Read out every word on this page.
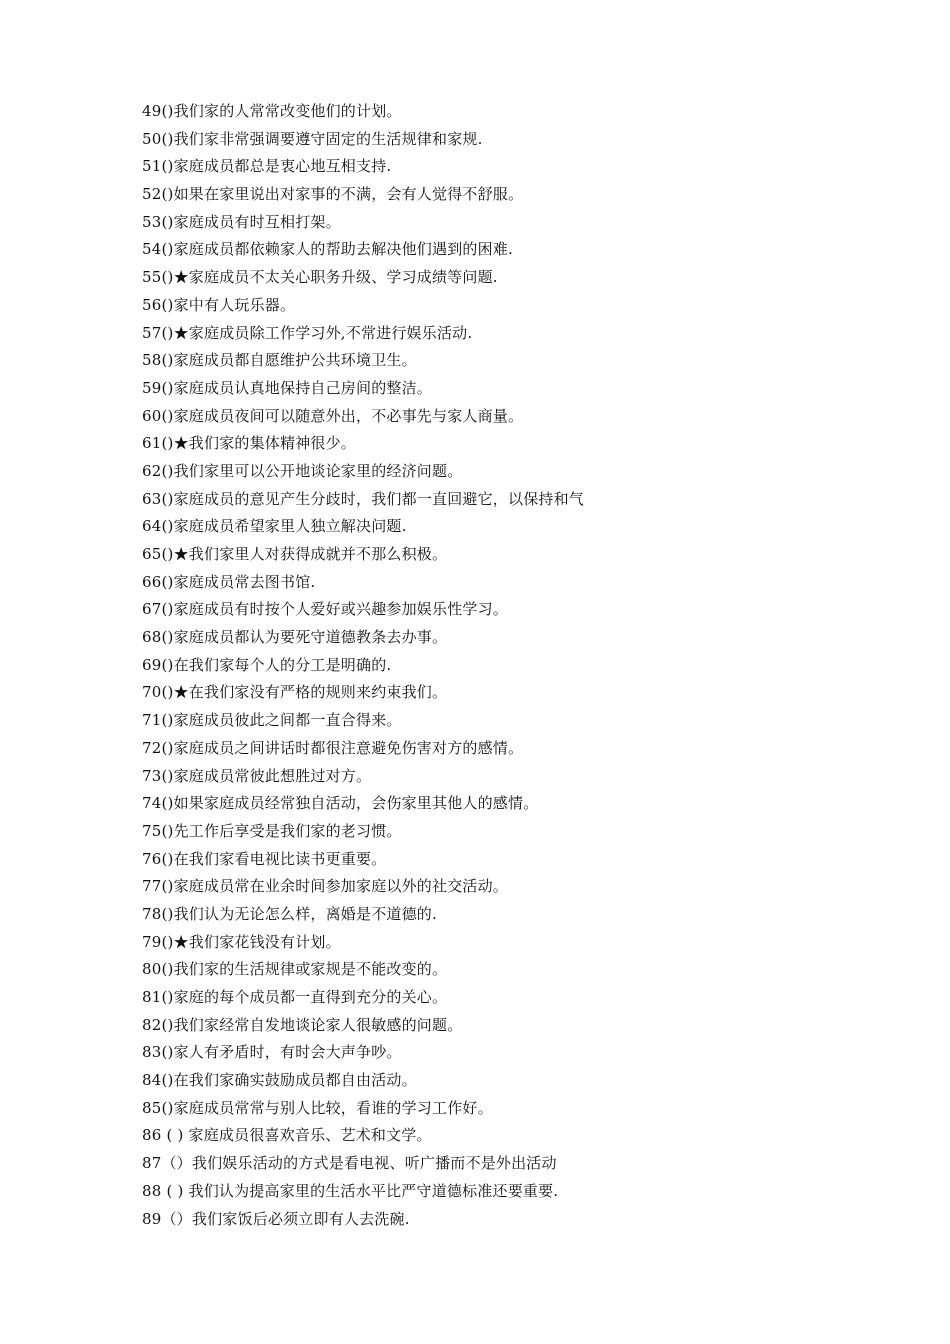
49()我们家的人常常改变他们的计划。
50()我们家非常强调要遵守固定的生活规律和家规.
51()家庭成员都总是衷心地互相支持.
52()如果在家里说出对家事的不满，会有人觉得不舒服。
53()家庭成员有时互相打架。
54()家庭成员都依赖家人的帮助去解决他们遇到的困难.
55()★家庭成员不太关心职务升级、学习成绩等问题.
56()家中有人玩乐器。
57()★家庭成员除工作学习外,不常进行娱乐活动.
58()家庭成员都自愿维护公共环境卫生。
59()家庭成员认真地保持自己房间的整洁。
60()家庭成员夜间可以随意外出，不必事先与家人商量。
61()★我们家的集体精神很少。
62()我们家里可以公开地谈论家里的经济问题。
63()家庭成员的意见产生分歧时，我们都一直回避它，以保持和气
64()家庭成员希望家里人独立解决问题.
65()★我们家里人对获得成就并不那么积极。
66()家庭成员常去图书馆.
67()家庭成员有时按个人爱好或兴趣参加娱乐性学习。
68()家庭成员都认为要死守道德教条去办事。
69()在我们家每个人的分工是明确的.
70()★在我们家没有严格的规则来约束我们。
71()家庭成员彼此之间都一直合得来。
72()家庭成员之间讲话时都很注意避免伤害对方的感情。
73()家庭成员常彼此想胜过对方。
74()如果家庭成员经常独自活动，会伤家里其他人的感情。
75()先工作后享受是我们家的老习惯。
76()在我们家看电视比读书更重要。
77()家庭成员常在业余时间参加家庭以外的社交活动。
78()我们认为无论怎么样，离婚是不道德的.
79()★我们家花钱没有计划。
80()我们家的生活规律或家规是不能改变的。
81()家庭的每个成员都一直得到充分的关心。
82()我们家经常自发地谈论家人很敏感的问题。
83()家人有矛盾时，有时会大声争吵。
84()在我们家确实鼓励成员都自由活动。
85()家庭成员常常与别人比较，看谁的学习工作好。
86 ( ) 家庭成员很喜欢音乐、艺术和文学。
87（）我们娱乐活动的方式是看电视、听广播而不是外出活动
88 ( ) 我们认为提高家里的生活水平比严守道德标准还要重要.
89（）我们家饭后必须立即有人去洗碗.
